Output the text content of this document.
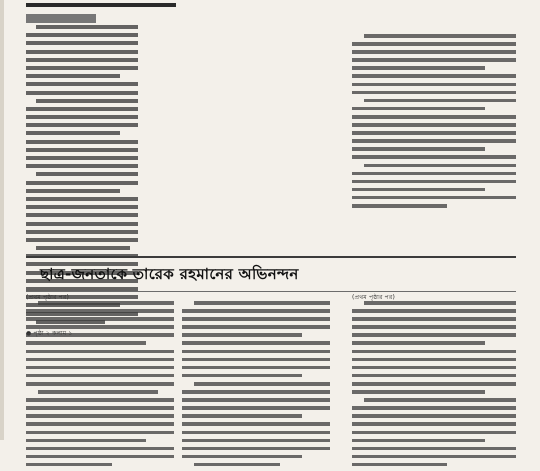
ছাত্র-জনতাকে তারেক রহমানের অভিনন্দন
(প্রথম পৃষ্ঠার পর)	(প্রথম পৃষ্ঠার পর)
